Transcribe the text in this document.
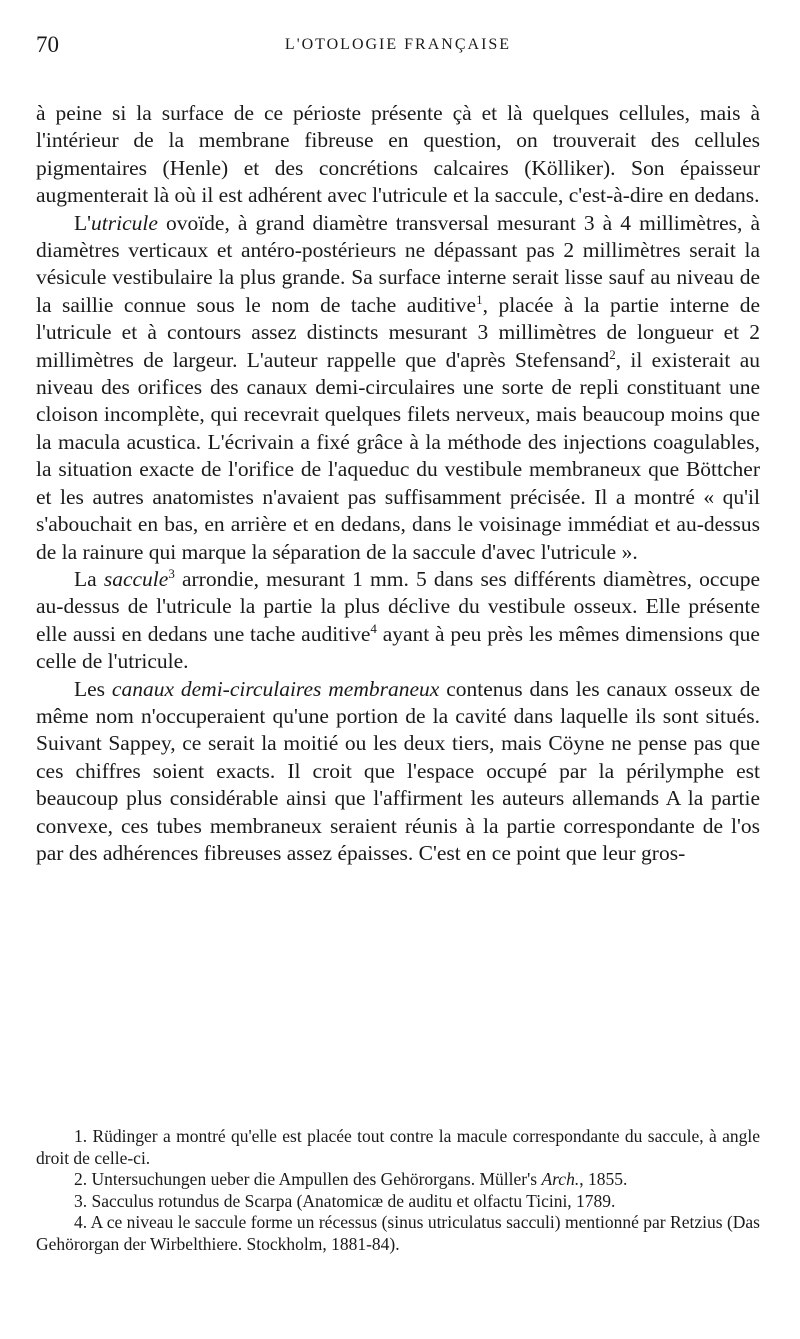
70	L'OTOLOGIE FRANÇAISE

à peine si la surface de ce périoste présente çà et là quelques cellules, mais à l'intérieur de la membrane fibreuse en question, on trouverait des cellules pigmentaires (Henle) et des concrétions calcaires (Kölliker). Son épaisseur augmenterait là où il est adhérent avec l'utricule et la saccule, c'est-à-dire en dedans.

L'utricule ovoïde, à grand diamètre transversal mesurant 3 à 4 millimètres, à diamètres verticaux et antéro-postérieurs ne dépassant pas 2 millimètres serait la vésicule vestibulaire la plus grande. Sa surface interne serait lisse sauf au niveau de la saillie connue sous le nom de tache auditive$^1$, placée à la partie interne de l'utricule et à contours assez distincts mesurant 3 millimètres de longueur et 2 millimètres de largeur. L'auteur rappelle que d'après Stefensand$^2$, il existerait au niveau des orifices des canaux demi-circulaires une sorte de repli constituant une cloison incomplète, qui recevrait quelques filets nerveux, mais beaucoup moins que la macula acustica. L'écrivain a fixé grâce à la méthode des injections coagulables, la situation exacte de l'orifice de l'aqueduc du vestibule membraneux que Böttcher et les autres anatomistes n'avaient pas suffisamment précisée. Il a montré « qu'il s'abouchait en bas, en arrière et en dedans, dans le voisinage immédiat et au-dessus de la rainure qui marque la séparation de la saccule d'avec l'utricule ».

La saccule$^3$ arrondie, mesurant 1 mm. 5 dans ses différents diamètres, occupe au-dessus de l'utricule la partie la plus déclive du vestibule osseux. Elle présente elle aussi en dedans une tache auditive$^4$ ayant à peu près les mêmes dimensions que celle de l'utricule.

Les canaux demi-circulaires membraneux contenus dans les canaux osseux de même nom n'occuperaient qu'une portion de la cavité dans laquelle ils sont situés. Suivant Sappey, ce serait la moitié ou les deux tiers, mais Cöyne ne pense pas que ces chiffres soient exacts. Il croit que l'espace occupé par la périlymphe est beaucoup plus considérable ainsi que l'affirment les auteurs allemands A la partie convexe, ces tubes membraneux seraient réunis à la partie correspondante de l'os par des adhérences fibreuses assez épaisses. C'est en ce point que leur gros-

1. Rüdinger a montré qu'elle est placée tout contre la macule correspondante du saccule, à angle droit de celle-ci.

2. Untersuchungen ueber die Ampullen des Gehörorgans. Müller's Arch., 1855.

3. Sacculus rotundus de Scarpa (Anatomicæ de auditu et olfactu Ticini, 1789.

4. A ce niveau le saccule forme un récessus (sinus utriculatus sacculi) mentionné par Retzius (Das Gehörorgan der Wirbelthiere. Stockholm, 1881-84).
